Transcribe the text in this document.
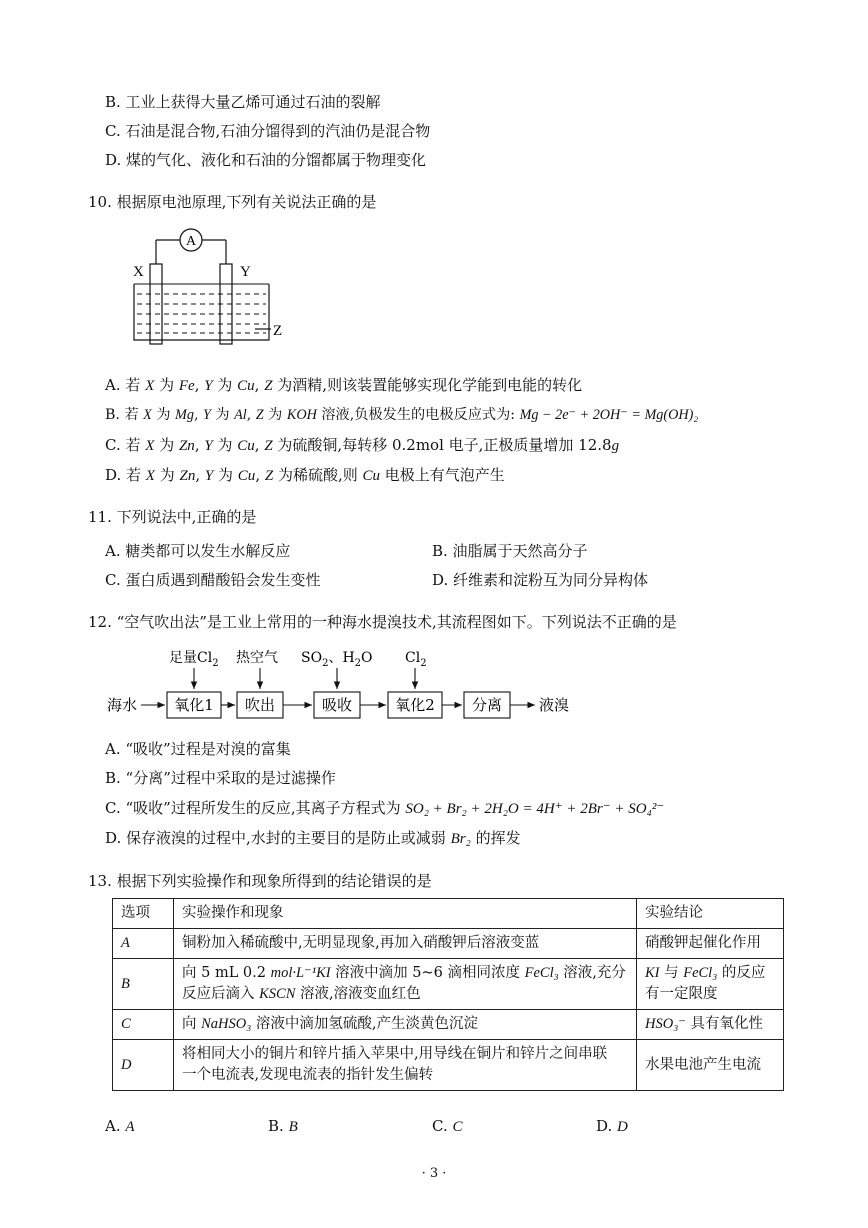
B. 工业上获得大量乙烯可通过石油的裂解
C. 石油是混合物,石油分馏得到的汽油仍是混合物
D. 煤的气化、液化和石油的分馏都属于物理变化
10. 根据原电池原理,下列有关说法正确的是
A
X	Y
Z
A. 若 X 为 Fe, Y 为 Cu, Z 为酒精,则该装置能够实现化学能到电能的转化
B. 若 X 为 Mg, Y 为 Al, Z 为 KOH 溶液,负极发生的电极反应式为: Mg − 2e⁻ + 2OH⁻ = Mg(OH)₂
C. 若 X 为 Zn, Y 为 Cu, Z 为硫酸铜,每转移 0.2mol 电子,正极质量增加 12.8g
D. 若 X 为 Zn, Y 为 Cu, Z 为稀硫酸,则 Cu 电极上有气泡产生
11. 下列说法中,正确的是
A. 糖类都可以发生水解反应	B. 油脂属于天然高分子
C. 蛋白质遇到醋酸铅会发生变性	D. 纤维素和淀粉互为同分异构体
12. “空气吹出法”是工业上常用的一种海水提溴技术,其流程图如下。下列说法不正确的是
足量$Cl_2$ 热空气 $SO_2$、$H_2O$ $Cl_2$
海水 氧化1 吹出	吸收	氧化2 分离 液溴
A. “吸收”过程是对溴的富集
B. “分离”过程中采取的是过滤操作
C. “吸收”过程所发生的反应,其离子方程式为 SO₂ + Br₂ + 2H₂O = 4H⁺ + 2Br⁻ + SO₄²⁻
D. 保存液溴的过程中,水封的主要目的是防止或减弱 Br₂ 的挥发
13. 根据下列实验操作和现象所得到的结论错误的是
选项	实验操作和现象	实验结论
A	铜粉加入稀硫酸中,无明显现象,再加入硝酸钾后溶液变蓝	硝酸钾起催化作用
B	向 5 mL 0.2 mol·L⁻¹KI 溶液中滴加 5~6 滴相同浓度 FeCl₃ 溶液,充分
反应后滴入 KSCN 溶液,溶液变血红色	KI 与 FeCl₃ 的反应
有一定限度
C	向 NaHSO₃ 溶液中滴加氢硫酸,产生淡黄色沉淀	HSO₃⁻ 具有氧化性
D	将相同大小的铜片和锌片插入苹果中,用导线在铜片和锌片之间串联
一个电流表,发现电流表的指针发生偏转	水果电池产生电流
A. A	B. B	C. C	D. D
· 3 ·
